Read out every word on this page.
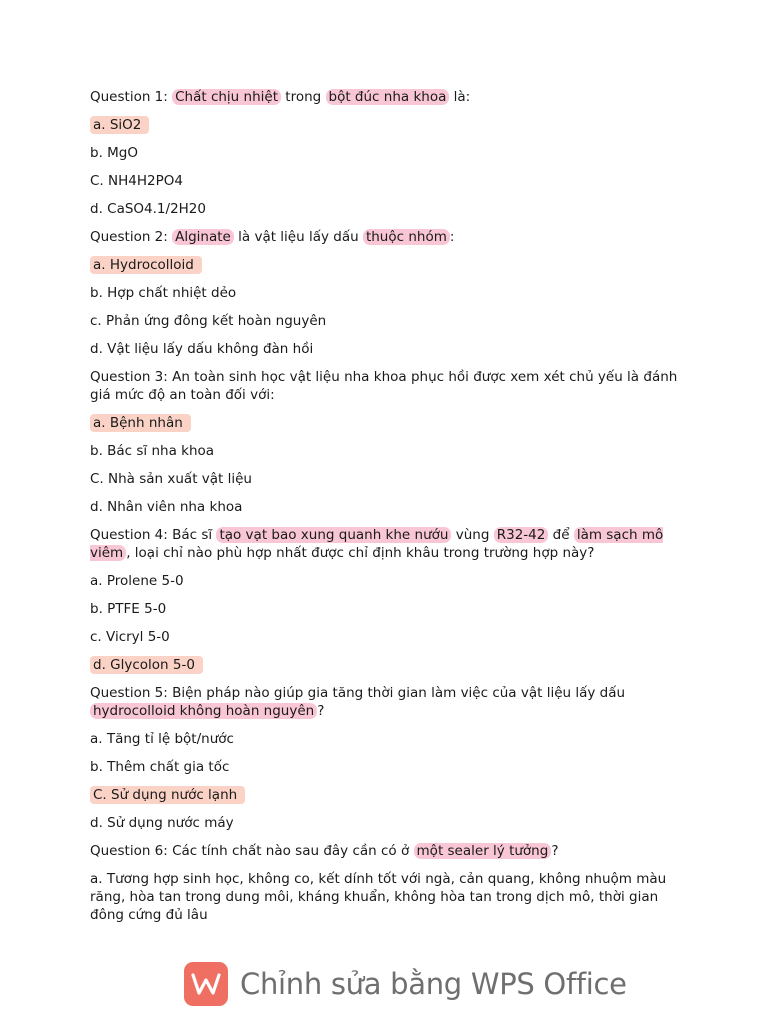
Question 1: Chất chịu nhiệt trong bột đúc nha khoa là:

a. SiO2

b. MgO

C. NH4H2PO4

d. CaSO4.1/2H20

Question 2: Alginate là vật liệu lấy dấu thuộc nhóm :

a. Hydrocolloid

b. Hợp chất nhiệt dẻo

c. Phản ứng đông kết hoàn nguyên

d. Vật liệu lấy dấu không đàn hồi

Question 3: An toàn sinh học vật liệu nha khoa phục hồi được xem xét chủ yếu là đánh giá mức độ an toàn đối với:

a. Bệnh nhân

b. Bác sĩ nha khoa

C. Nhà sản xuất vật liệu

d. Nhân viên nha khoa

Question 4: Bác sĩ tạo vạt bao xung quanh khe nướu vùng R32-42 để làm sạch mô viêm , loại chỉ nào phù hợp nhất được chỉ định khâu trong trường hợp này?

a. Prolene 5-0

b. PTFE 5-0

c. Vicryl 5-0

d. Glycolon 5-0

Question 5: Biện pháp nào giúp gia tăng thời gian làm việc của vật liệu lấy dấu hydrocolloid không hoàn nguyên ?

a. Tăng tỉ lệ bột/nước

b. Thêm chất gia tốc

C. Sử dụng nước lạnh

d. Sử dụng nước máy

Question 6: Các tính chất nào sau đây cần có ở một sealer lý tưởng ?

a. Tương hợp sinh học, không co, kết dính tốt với ngà, cản quang, không nhuộm màu răng, hòa tan trong dung môi, kháng khuẩn, không hòa tan trong dịch mô, thời gian đông cứng đủ lâu

Chỉnh sửa bằng WPS Office
